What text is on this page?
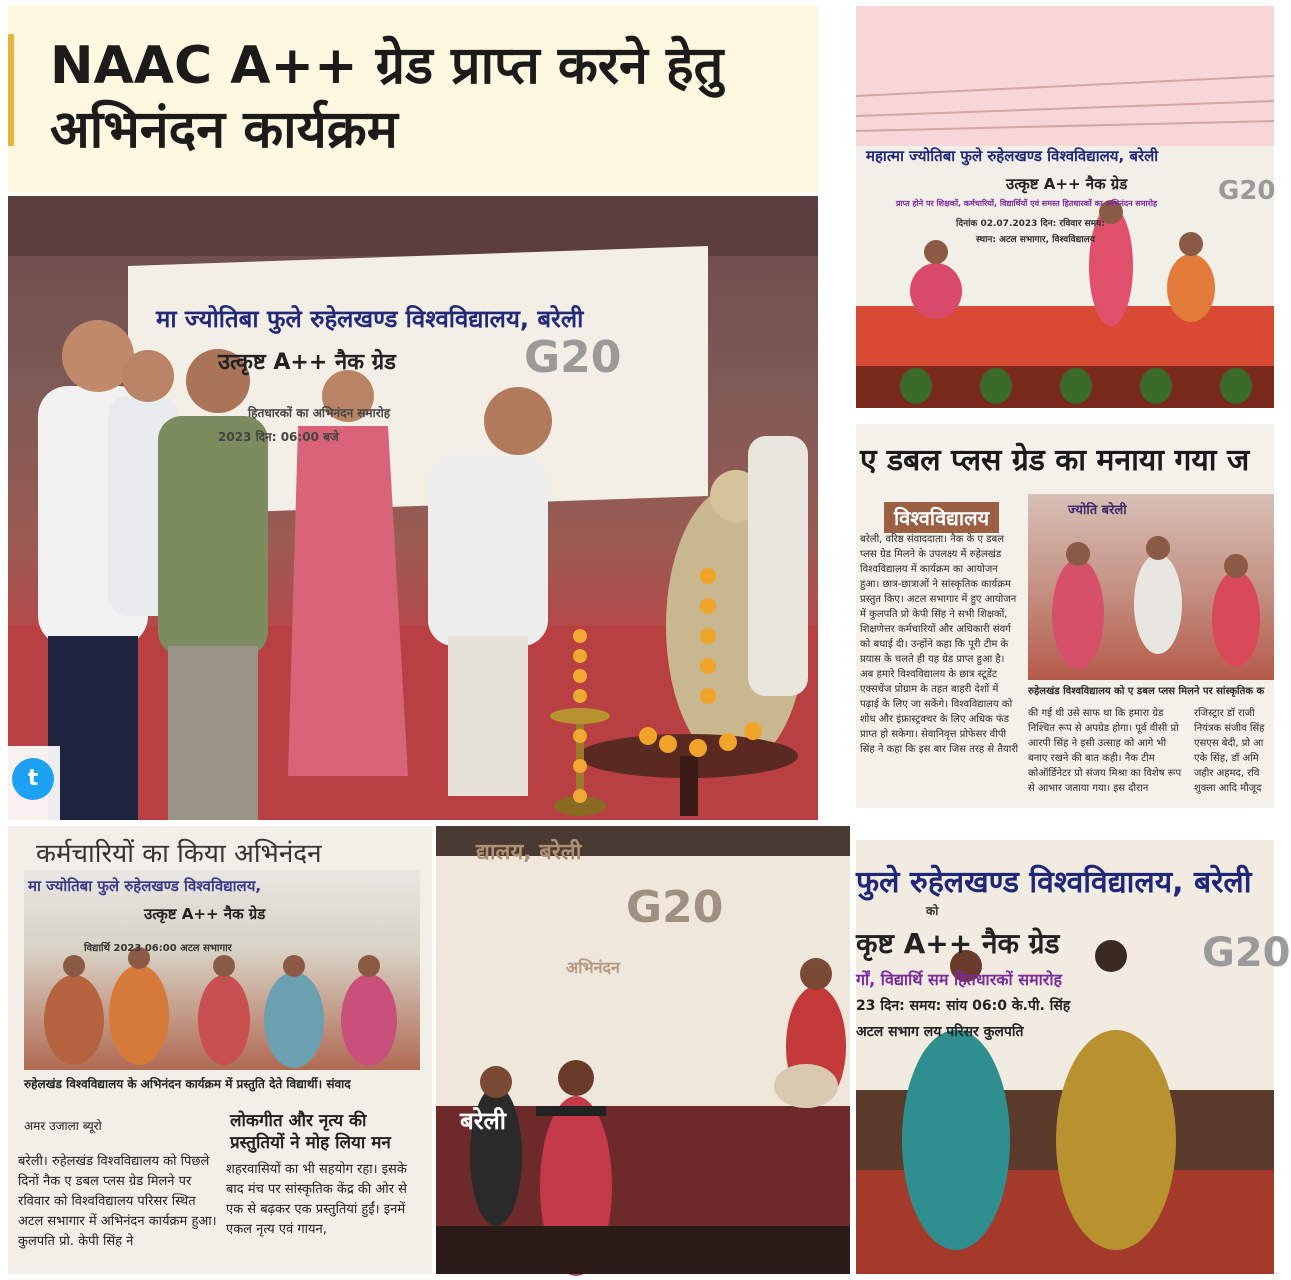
NAAC A++ ग्रेड प्राप्त करने हेतु
अभिनंदन कार्यक्रम
मा ज्योतिबा फुले रुहेलखण्ड विश्वविद्यालय, बरेली
उत्कृष्ट A++ नैक ग्रेड
हितधारकों का अभिनंदन समारोह
2023 दिन: 06:00 बजे
G20
t
महात्मा ज्योतिबा फुले रुहेलखण्ड विश्वविद्यालय, बरेली
उत्कृष्ट A++ नैक ग्रेड
प्राप्त होने पर शिक्षकों, कर्मचारियों, विद्यार्थियों एवं समस्त हितधारकों का अभिनंदन समारोह
दिनांक 02.07.2023 दिन: रविवार समय:
स्थान: अटल सभागार, विश्वविद्यालय
G20
ए डबल प्लस ग्रेड का मनाया गया ज
विश्वविद्यालय
बरेली, वरिष्ठ संवाददाता। नैक के ए डबल प्लस ग्रेड मिलने के उपलक्ष्य में रुहेलखंड विश्वविद्यालय में कार्यक्रम का आयोजन हुआ। छात्र-छात्राओं ने सांस्कृतिक कार्यक्रम प्रस्तुत किए। अटल सभागार में हुए आयोजन में कुलपति प्रो केपी सिंह ने सभी शिक्षकों, शिक्षणेत्तर कर्मचारियों और अधिकारी संवर्ग को बधाई दी। उन्होंने कहा कि पूरी टीम के प्रयास के चलते ही यह ग्रेड प्राप्त हुआ है। अब हमारे विश्वविद्यालय के छात्र स्टूडेंट एक्सचेंज प्रोग्राम के तहत बाहरी देशों में पढ़ाई के लिए जा सकेंगे। विश्वविद्यालय को शोध और इंफ्रास्ट्रक्चर के लिए अधिक फंड प्राप्त हो सकेगा। सेवानिवृत्त प्रोफेसर वीपी सिंह ने कहा कि इस बार जिस तरह से तैयारी
ज्योति बरेली
रुहेलखंड विश्वविद्यालय को ए डबल प्लस मिलने पर सांस्कृतिक क
की गई थी उसे साफ था कि हमारा ग्रेड निश्चित रूप से अपग्रेड होगा। पूर्व वीसी प्रो आरपी सिंह ने इसी उत्साह को आगे भी बनाए रखने की बात कही। नैक टीम कोऑर्डिनेटर प्रो संजय मिश्रा का विशेष रूप से आभार जताया गया। इस दौरान
रजिस्ट्रार डॉ राजी नियंत्रक संजीव सिंह एसएस बेदी, प्रो आ एके सिंह, डॉ अमि जहीर अहमद, रवि शुक्ला आदि मौजूद
कर्मचारियों का किया अभिनंदन
मा ज्योतिबा फुले रुहेलखण्ड विश्वविद्यालय,
उत्कृष्ट A++ नैक ग्रेड
विद्यार्थि 2023 06:00 अटल सभागार
रुहेलखंड विश्वविद्यालय के अभिनंदन कार्यक्रम में प्रस्तुति देते विद्यार्थी। संवाद
अमर उजाला ब्यूरो
बरेली। रुहेलखंड विश्वविद्यालय को पिछले दिनों नैक ए डबल प्लस ग्रेड मिलने पर रविवार को विश्वविद्यालय परिसर स्थित अटल सभागार में अभिनंदन कार्यक्रम हुआ। कुलपति प्रो. केपी सिंह ने
लोकगीत और नृत्य की प्रस्तुतियों ने मोह लिया मन
शहरवासियों का भी सहयोग रहा। इसके बाद मंच पर सांस्कृतिक केंद्र की ओर से एक से बढ़कर एक प्रस्तुतियां हुईं। इनमें एकल नृत्य एवं गायन,
द्यालय, बरेली
अभिनंदन
G20
बरेली
फुले रुहेलखण्ड विश्वविद्यालय, बरेली
को
कृष्ट A++ नैक ग्रेड
र्गों, विद्यार्थि सम हितधारकों समारोह
23 दिन: समय: सांय 06:0 के.पी. सिंह
अटल सभाग लय परिसर कुलपति
G20
